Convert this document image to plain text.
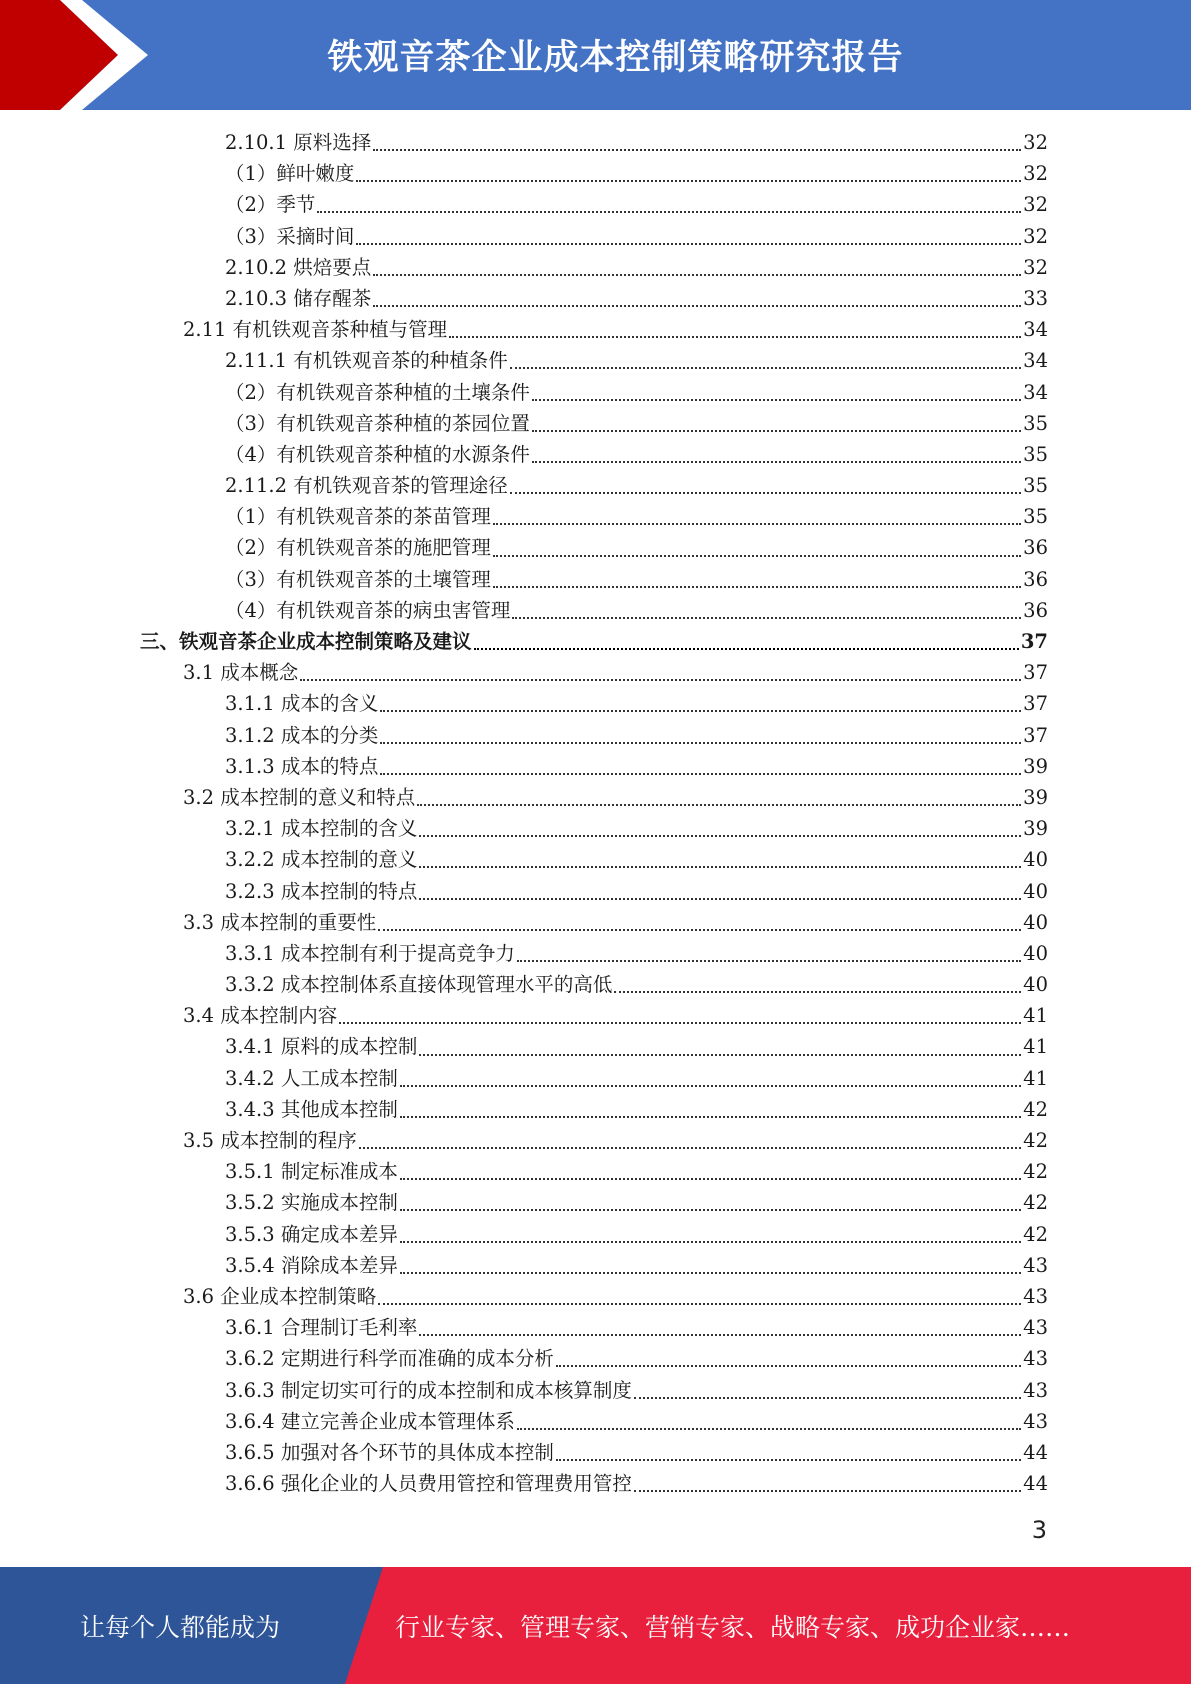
铁观音茶企业成本控制策略研究报告
2.10.1 原料选择	32
（1）鲜叶嫩度	32
（2）季节	32
（3）采摘时间	32
2.10.2 烘焙要点	32
2.10.3 储存醒茶	33
2.11 有机铁观音茶种植与管理	34
2.11.1 有机铁观音茶的种植条件	34
（2）有机铁观音茶种植的土壤条件	34
（3）有机铁观音茶种植的茶园位置	35
（4）有机铁观音茶种植的水源条件	35
2.11.2 有机铁观音茶的管理途径	35
（1）有机铁观音茶的茶苗管理	35
（2）有机铁观音茶的施肥管理	36
（3）有机铁观音茶的土壤管理	36
（4）有机铁观音茶的病虫害管理	36
三、铁观音茶企业成本控制策略及建议	37
3.1 成本概念	37
3.1.1 成本的含义	37
3.1.2 成本的分类	37
3.1.3 成本的特点	39
3.2 成本控制的意义和特点	39
3.2.1 成本控制的含义	39
3.2.2 成本控制的意义	40
3.2.3 成本控制的特点	40
3.3 成本控制的重要性	40
3.3.1 成本控制有利于提高竞争力	40
3.3.2 成本控制体系直接体现管理水平的高低	40
3.4 成本控制内容	41
3.4.1 原料的成本控制	41
3.4.2 人工成本控制	41
3.4.3 其他成本控制	42
3.5 成本控制的程序	42
3.5.1 制定标准成本	42
3.5.2 实施成本控制	42
3.5.3 确定成本差异	42
3.5.4 消除成本差异	43
3.6 企业成本控制策略	43
3.6.1 合理制订毛利率	43
3.6.2 定期进行科学而准确的成本分析	43
3.6.3 制定切实可行的成本控制和成本核算制度	43
3.6.4 建立完善企业成本管理体系	43
3.6.5 加强对各个环节的具体成本控制	44
3.6.6 强化企业的人员费用管控和管理费用管控	44
3
让每个人都能成为	行业专家、管理专家、营销专家、战略专家、成功企业家……
